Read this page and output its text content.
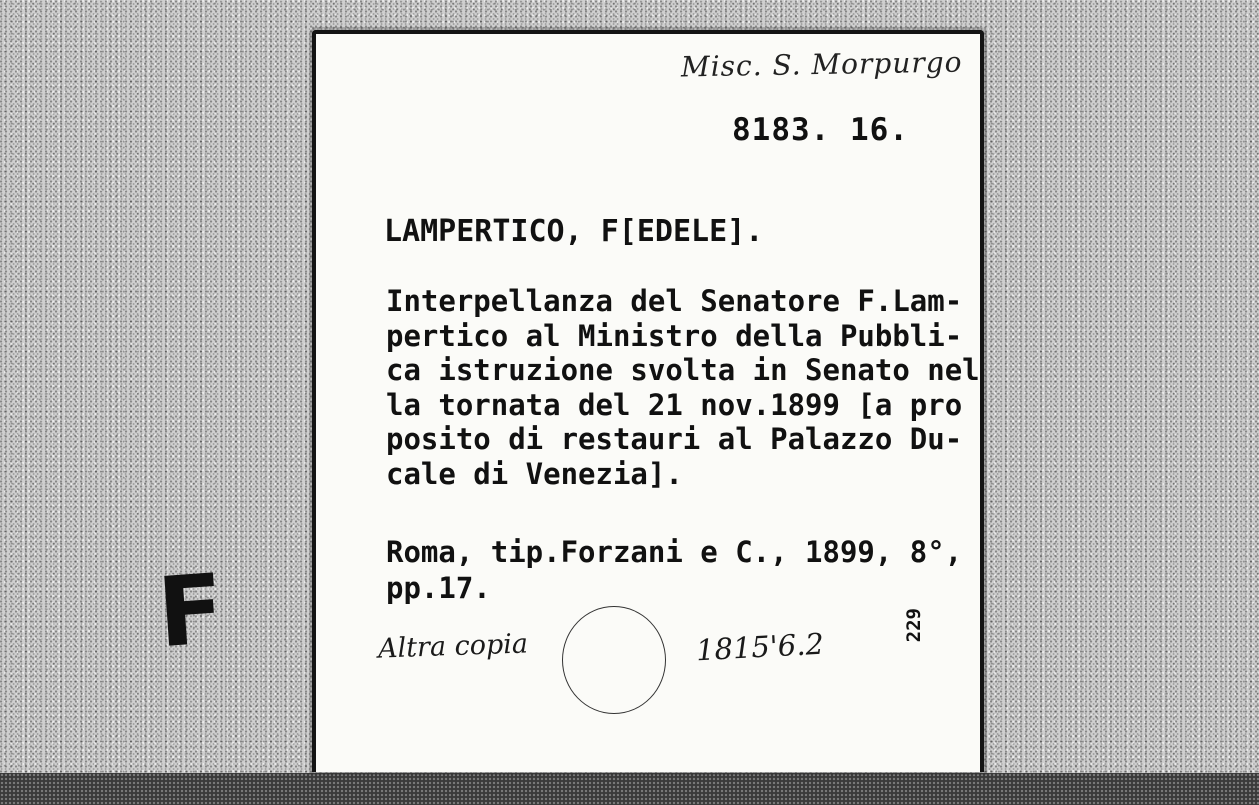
F
Misc. S. Morpurgo
8183. 16.
LAMPERTICO, F[EDELE].
Interpellanza del Senatore F.Lam-
pertico al Ministro della Pubbli-
ca istruzione svolta in Senato nel
la tornata del 21 nov.1899 [a pro
posito di restauri al Palazzo Du-
cale di Venezia].
Roma, tip.Forzani e C., 1899, 8°,
pp.17.
Altra copia	1815'6.2
229
